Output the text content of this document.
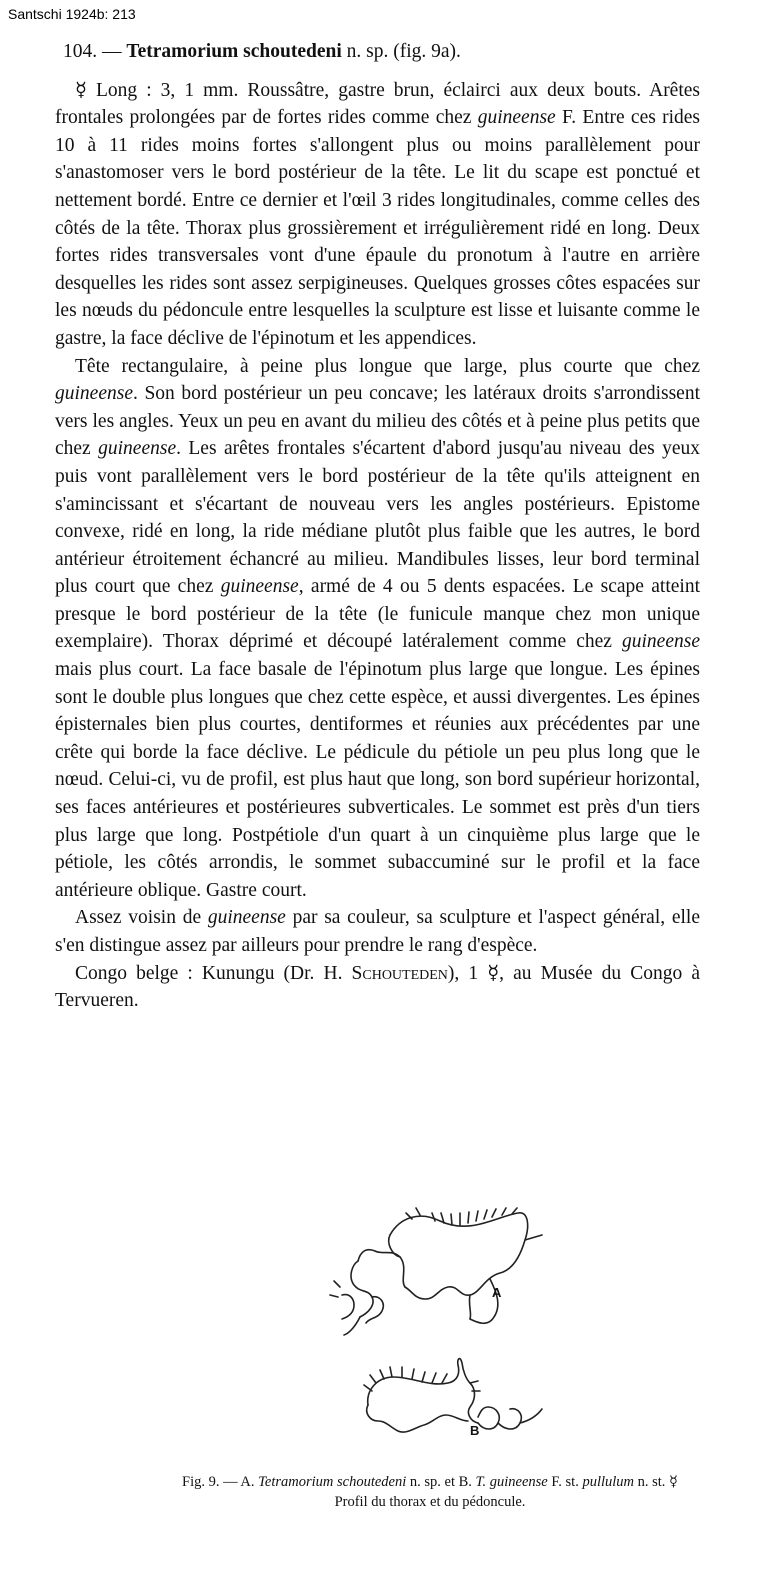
Santschi 1924b: 213
104. — Tetramorium schoutedeni n. sp. (fig. 9a).

☿ Long : 3, 1 mm. Roussâtre, gastre brun, éclairci aux deux bouts. Arêtes frontales prolongées par de fortes rides comme chez guineense F. Entre ces rides 10 à 11 rides moins fortes s'allongent plus ou moins parallèlement pour s'anastomoser vers le bord postérieur de la tête. Le lit du scape est ponctué et nettement bordé. Entre ce dernier et l'œil 3 rides longitudinales, comme celles des côtés de la tête. Thorax plus grossièrement et irrégulièrement ridé en long. Deux fortes rides transversales vont d'une épaule du pronotum à l'autre en arrière desquelles les rides sont assez serpigineuses. Quelques grosses côtes espacées sur les nœuds du pédoncule entre lesquelles la sculpture est lisse et luisante comme le gastre, la face déclive de l'épinotum et les appendices.

Tête rectangulaire, à peine plus longue que large, plus courte que chez guineense. Son bord postérieur un peu concave; les latéraux droits s'arrondissent vers les angles. Yeux un peu en avant du milieu des côtés et à peine plus petits que chez guineense. Les arêtes frontales s'écartent d'abord jusqu'au niveau des yeux puis vont parallèlement vers le bord postérieur de la tête qu'ils atteignent en s'amincissant et s'écartant de nouveau vers les angles postérieurs. Epistome convexe, ridé en long, la ride médiane plutôt plus faible que les autres, le bord antérieur étroitement échancré au milieu. Mandibules lisses, leur bord terminal plus court que chez guineense, armé de 4 ou 5 dents espacées. Le scape atteint presque le bord postérieur de la tête (le funicule manque chez mon unique exemplaire). Thorax déprimé et découpé latéralement comme chez guineense mais plus court. La face basale de l'épinotum plus large que longue. Les épines sont le double plus longues que chez cette espèce, et aussi divergentes. Les épines épisternales bien plus courtes, dentiformes et réunies aux précédentes par une crête qui borde la face déclive. Le pédicule du pétiole un peu plus long que le nœud. Celui-ci, vu de profil, est plus haut que long, son bord supérieur horizontal, ses faces antérieures et postérieures subverticales. Le sommet est près d'un tiers plus large que long. Postpétiole d'un quart à un cinquième plus large que le pétiole, les côtés arrondis, le sommet subaccuminé sur le profil et la face antérieure oblique. Gastre court.

Assez voisin de guineense par sa couleur, sa sculpture et l'aspect général, elle s'en distingue assez par ailleurs pour prendre le rang d'espèce.

Congo belge : Kunungu (Dr. H. Schouteden), 1 ☿, au Musée du Congo à Tervueren.

A
B
Fig. 9. — A. Tetramorium schoutedeni n. sp. et B. T. guineense F. st. pullulum n. st. ☿ Profil du thorax et du pédoncule.
